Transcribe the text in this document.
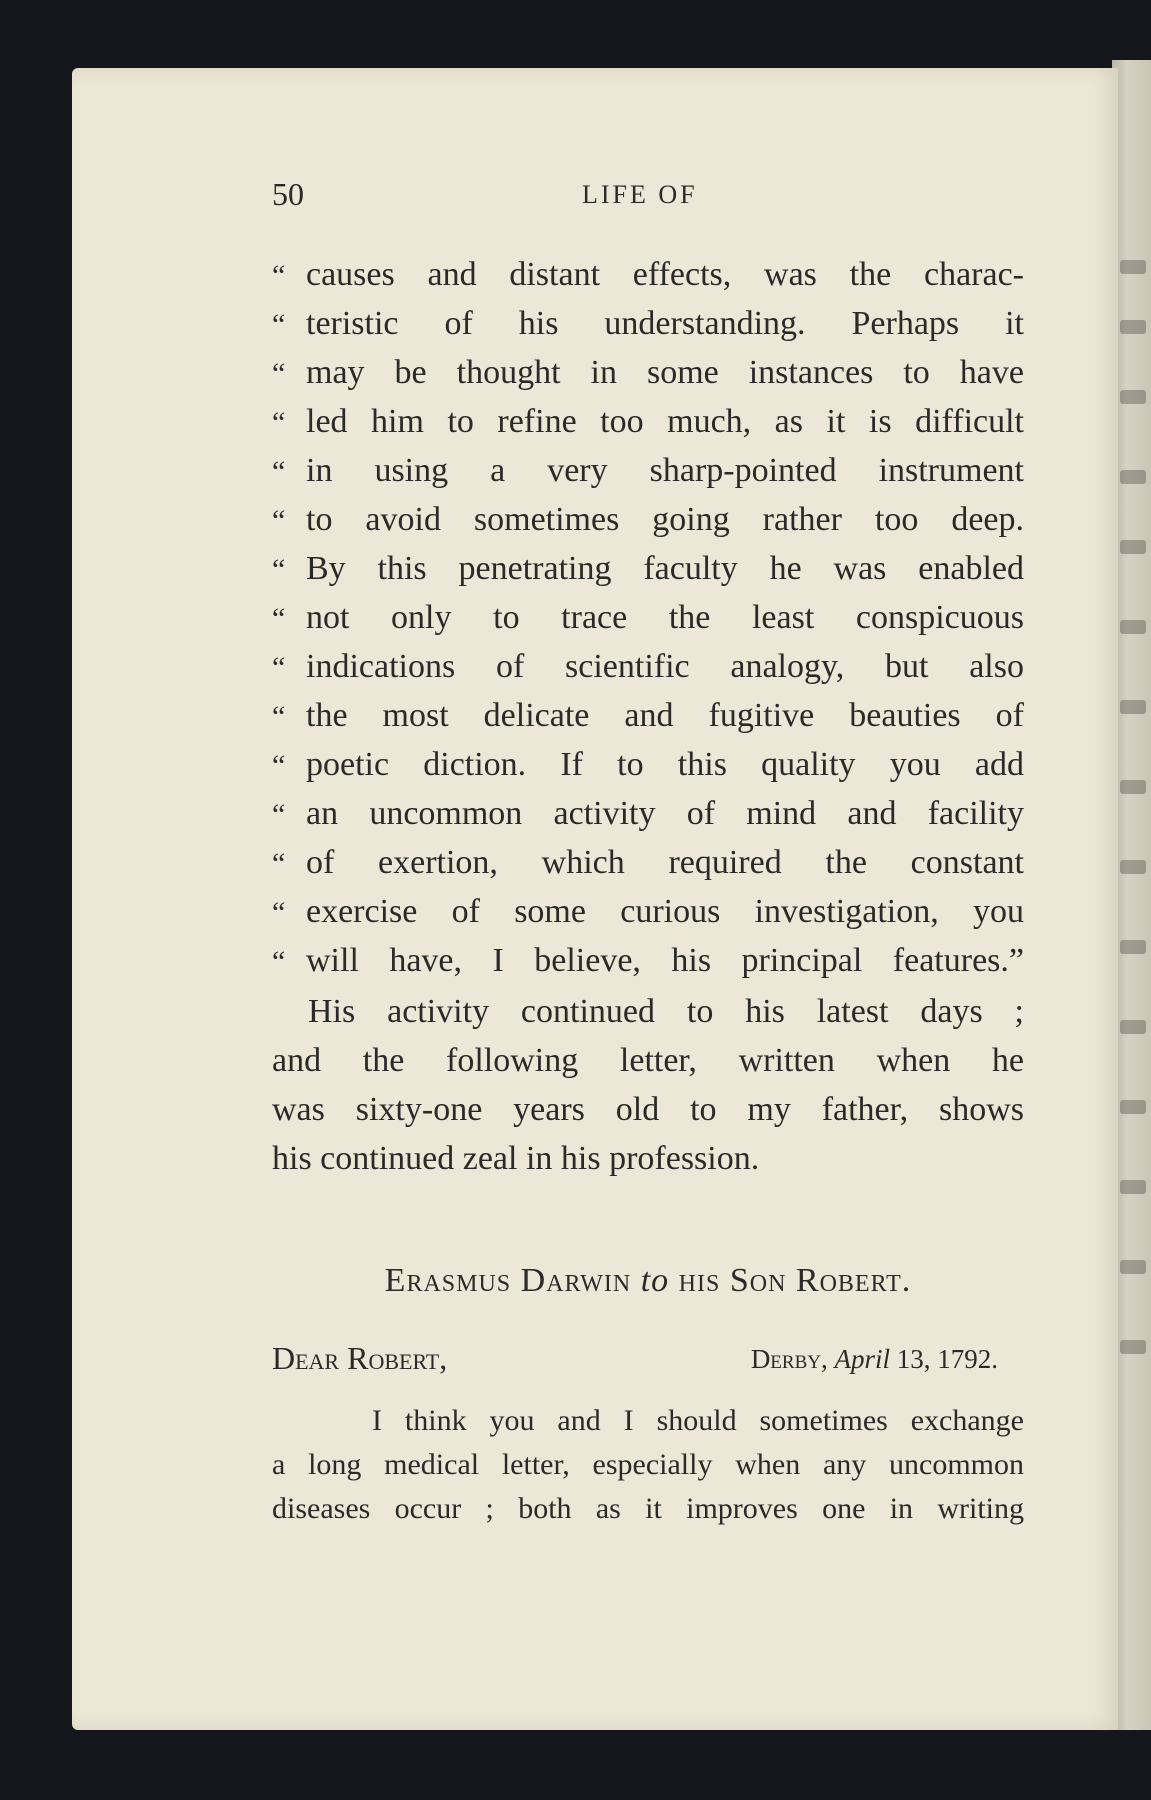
50	LIFE OF
“ causes and distant effects, was the charac-
“ teristic of his understanding. Perhaps it
“ may be thought in some instances to have
“ led him to refine too much, as it is difficult
“ in using a very sharp-pointed instrument
“ to avoid sometimes going rather too deep.
“ By this penetrating faculty he was enabled
“ not only to trace the least conspicuous
“ indications of scientific analogy, but also
“ the most delicate and fugitive beauties of
“ poetic diction. If to this quality you add
“ an uncommon activity of mind and facility
“ of exertion, which required the constant
“ exercise of some curious investigation, you
“ will have, I believe, his principal features.”
His activity continued to his latest days ;
and the following letter, written when he
was sixty-one years old to my father, shows
his continued zeal in his profession.
Erasmus Darwin to his Son Robert.
Dear Robert,	Derby, April 13, 1792.
I think you and I should sometimes exchange
a long medical letter, especially when any uncommon
diseases occur ; both as it improves one in writing
